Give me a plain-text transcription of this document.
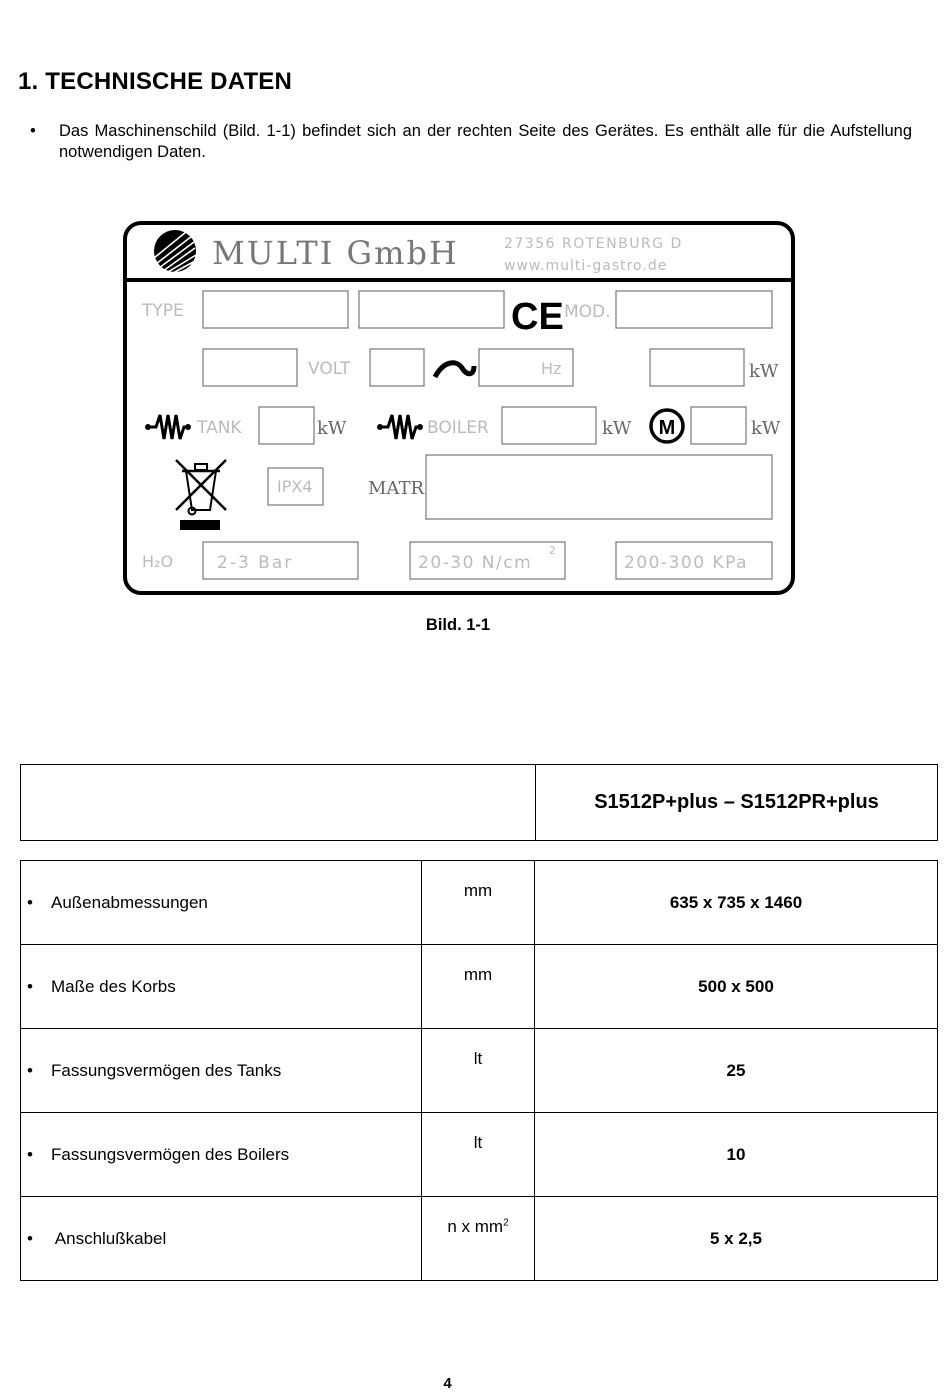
1. TECHNISCHE DATEN
• Das Maschinenschild (Bild. 1-1) befindet sich an der rechten Seite des Gerätes. Es enthält alle für die Aufstellung notwendigen Daten.
MULTI GmbH	27356 ROTENBURG D
www.multi-gastro.de
TYPE	CE MOD.
VOLT	Hz	kW
TANK	kW	BOILER	kW M	kW
IPX4	MATR
H₂O	2-3 Bar	20-30 N/cm
2
200-300 KPa
Bild. 1-1
	S1512P+plus – S1512PR+plus
• Außenabmessungen	mm	635 x 735 x 1460
• Maße des Korbs	mm	500 x 500
• Fassungsvermögen des Tanks	lt	25
• Fassungsvermögen des Boilers	lt	10
• Anschlußkabel	n x $mm^2$	5 x 2,5
4
